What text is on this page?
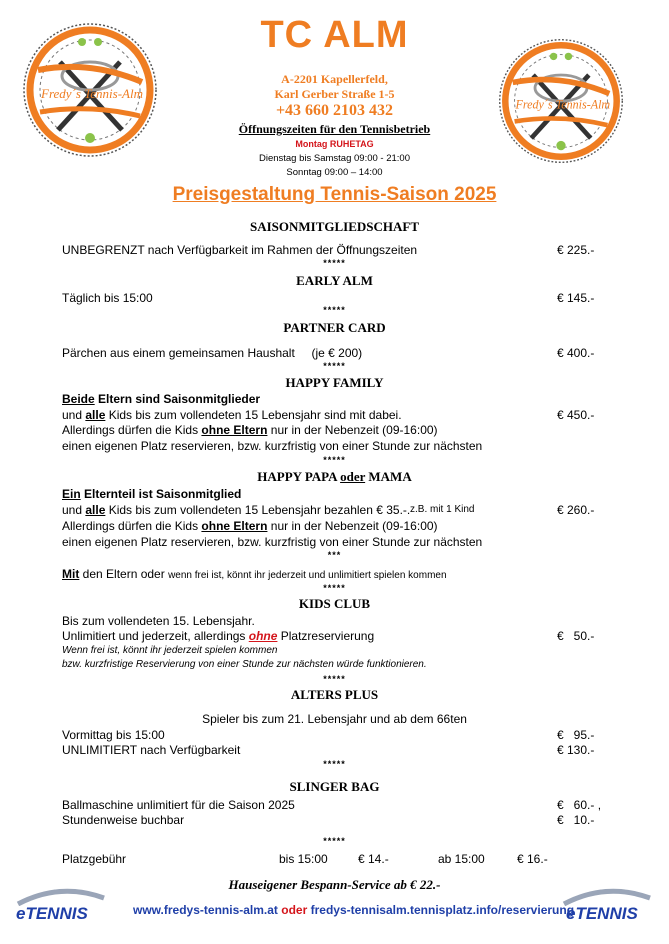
Fredy´s Tennis-Alm
Fredy´s Tennis-Alm
TC ALM
A-2201 Kapellerfeld,
Karl Gerber Straße 1-5
+43 660 2103 432
Öffnungszeiten für den Tennisbetrieb
Montag RUHETAG
Dienstag bis Samstag 09:00 - 21:00
Sonntag 09:00 – 14:00
Preisgestaltung Tennis-Saison 2025
SAISONMITGLIEDSCHAFT
UNBEGRENZT nach Verfügbarkeit im Rahmen der Öffnungszeiten	€ 225.-
*****
EARLY ALM
Täglich bis 15:00	€ 145.-
*****
PARTNER CARD
Pärchen aus einem gemeinsamen Haushalt     (je € 200)	€ 400.-
*****
HAPPY FAMILY
Beide Eltern sind Saisonmitglieder
und alle Kids bis zum vollendeten 15 Lebensjahr sind mit dabei.	€ 450.-
Allerdings dürfen die Kids ohne Eltern nur in der Nebenzeit (09-16:00)
einen eigenen Platz reservieren, bzw. kurzfristig von einer Stunde zur nächsten
*****
HAPPY PAPA oder MAMA
Ein Elternteil ist Saisonmitglied
und alle Kids bis zum vollendeten 15 Lebensjahr bezahlen € 35.-. z.B. mit 1 Kind	€ 260.-
Allerdings dürfen die Kids ohne Eltern nur in der Nebenzeit (09-16:00)
einen eigenen Platz reservieren, bzw. kurzfristig von einer Stunde zur nächsten
***
Mit den Eltern oder wenn frei ist, könnt ihr jederzeit und unlimitiert spielen kommen
*****
KIDS CLUB
Bis zum vollendeten 15. Lebensjahr.
Unlimitiert und jederzeit, allerdings ohne Platzreservierung	€   50.-
Wenn frei ist, könnt ihr jederzeit spielen kommen
bzw. kurzfristige Reservierung von einer Stunde zur nächsten würde funktionieren.
*****
ALTERS PLUS
Spieler bis zum 21. Lebensjahr und ab dem 66ten
Vormittag bis 15:00	€   95.-
UNLIMITIERT nach Verfügbarkeit	€ 130.-
*****
SLINGER BAG
Ballmaschine unlimitiert für die Saison 2025	€   60.- ,
Stundenweise buchbar	€   10.-
*****
Platzgebühr	bis 15:00	€ 14.-	ab 15:00	€ 16.-
Hauseigener Bespann-Service ab € 22.-
eTENNIS	www.fredys-tennis-alm.at oder fredys-tennisalm.tennisplatz.info/reservierung
eTENNIS
